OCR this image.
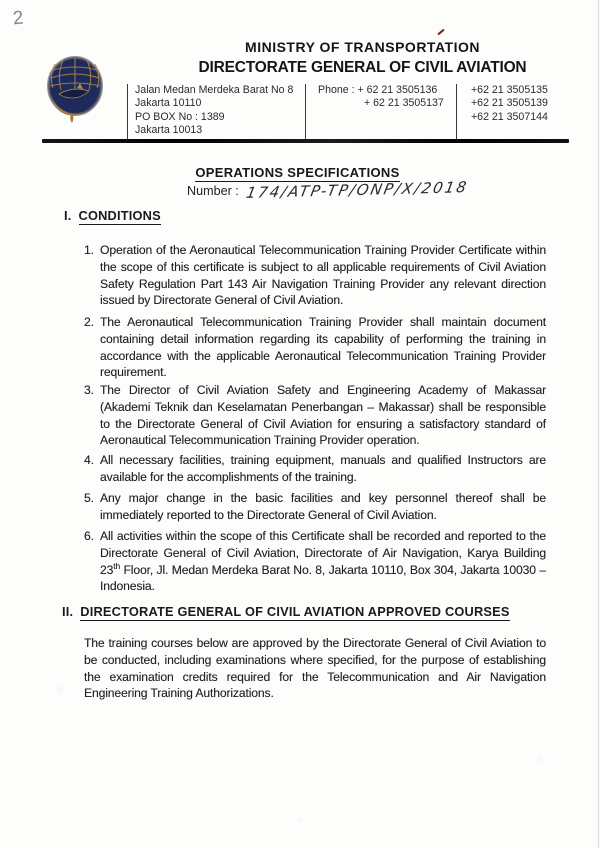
2
MINISTRY OF TRANSPORTATION
DIRECTORATE GENERAL OF CIVIL AVIATION
Jalan Medan Merdeka Barat No 8
Jakarta 10110
PO BOX No : 1389
Jakarta 10013
Phone : + 62 21 3505136
+ 62 21 3505137
+62 21 3505135
+62 21 3505139
+62 21 3507144
OPERATIONS SPECIFICATIONS
Number : 174/ATP-TP/ONP/X/2018
I. CONDITIONS
1. Operation of the Aeronautical Telecommunication Training Provider Certificate within the scope of this certificate is subject to all applicable requirements of Civil Aviation Safety Regulation Part 143 Air Navigation Training Provider any relevant direction issued by Directorate General of Civil Aviation.
2. The Aeronautical Telecommunication Training Provider shall maintain document containing detail information regarding its capability of performing the training in accordance with the applicable Aeronautical Telecommunication Training Provider requirement.
3. The Director of Civil Aviation Safety and Engineering Academy of Makassar (Akademi Teknik dan Keselamatan Penerbangan – Makassar) shall be responsible to the Directorate General of Civil Aviation for ensuring a satisfactory standard of Aeronautical Telecommunication Training Provider operation.
4. All necessary facilities, training equipment, manuals and qualified Instructors are available for the accomplishments of the training.
5. Any major change in the basic facilities and key personnel thereof shall be immediately reported to the Directorate General of Civil Aviation.
6. All activities within the scope of this Certificate shall be recorded and reported to the Directorate General of Civil Aviation, Directorate of Air Navigation, Karya Building 23th Floor, Jl. Medan Merdeka Barat No. 8, Jakarta 10110, Box 304, Jakarta 10030 – Indonesia.
II. DIRECTORATE GENERAL OF CIVIL AVIATION APPROVED COURSES
The training courses below are approved by the Directorate General of Civil Aviation to be conducted, including examinations where specified, for the purpose of establishing the examination credits required for the Telecommunication and Air Navigation Engineering Training Authorizations.
